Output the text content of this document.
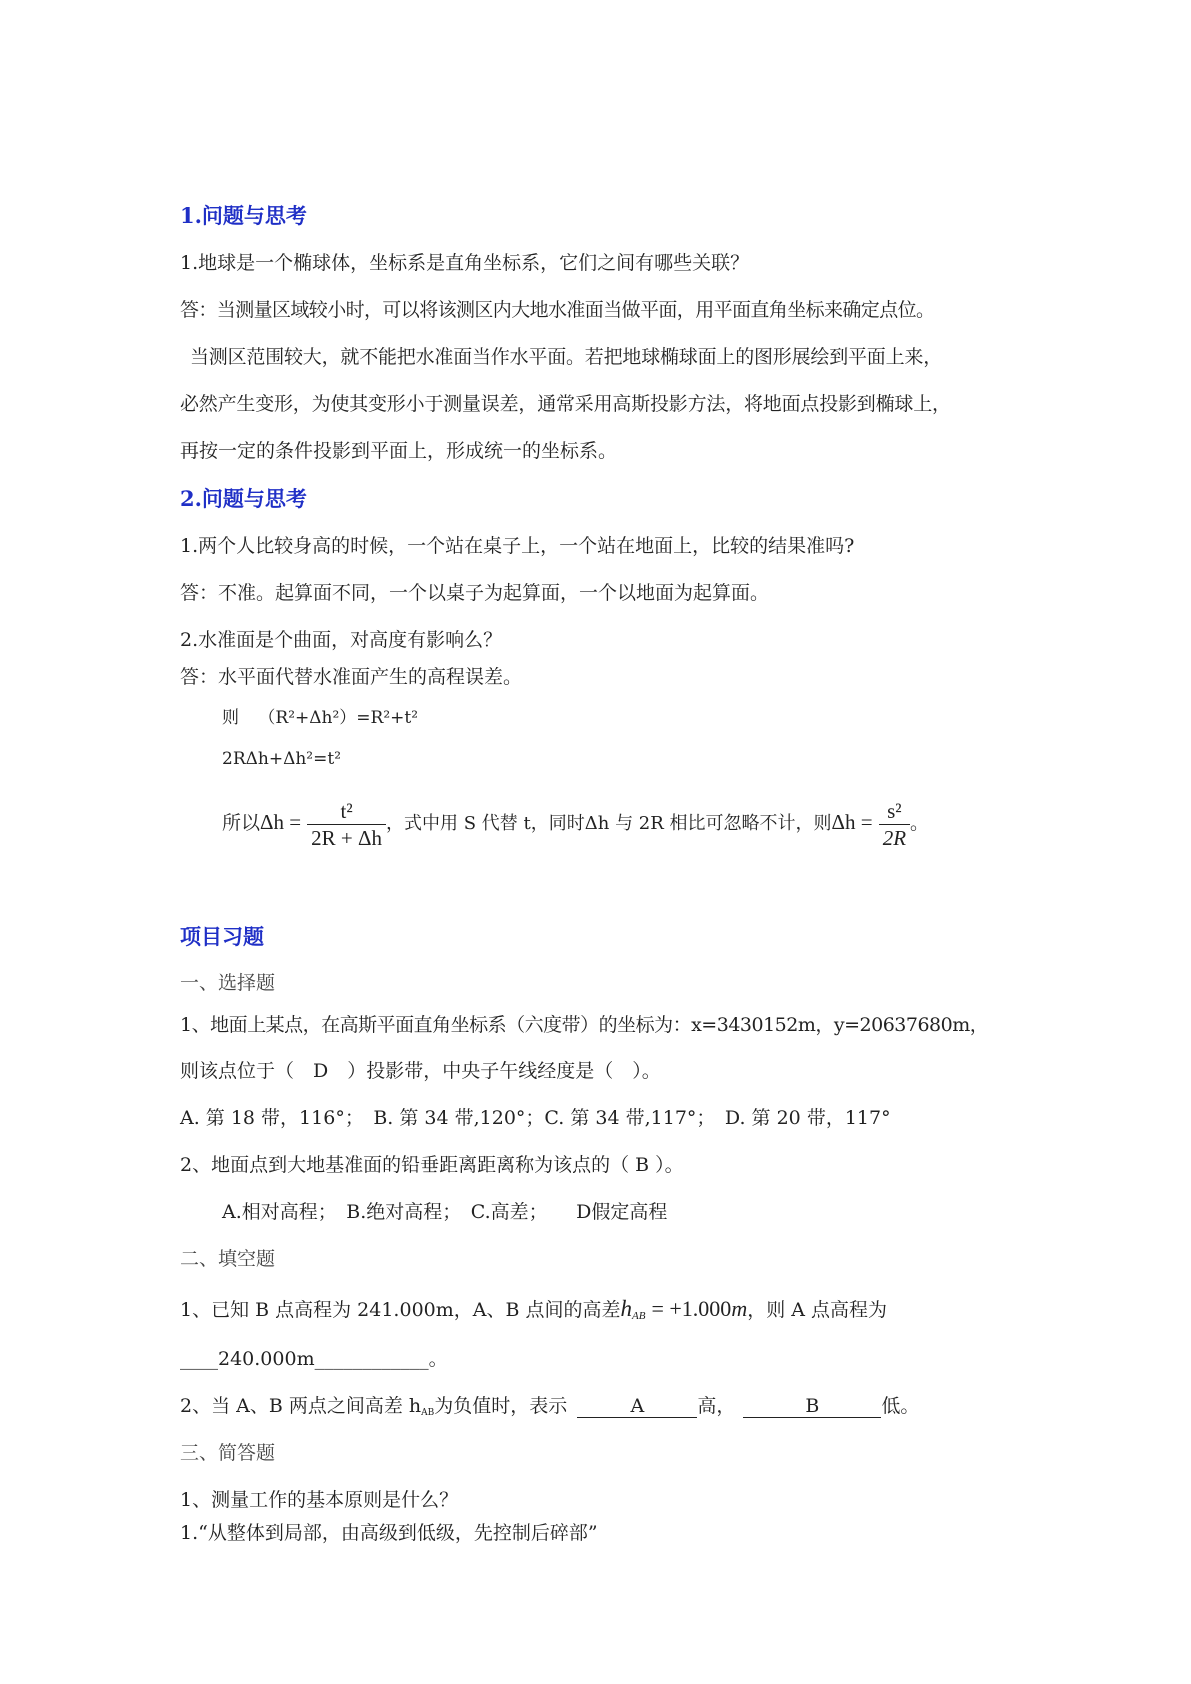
1.问题与思考
1.地球是一个椭球体，坐标系是直角坐标系，它们之间有哪些关联？
答：当测量区域较小时，可以将该测区内大地水准面当做平面，用平面直角坐标来确定点位。
当测区范围较大，就不能把水准面当作水平面。若把地球椭球面上的图形展绘到平面上来，
必然产生变形，为使其变形小于测量误差，通常采用高斯投影方法，将地面点投影到椭球上，
再按一定的条件投影到平面上，形成统一的坐标系。
2.问题与思考
1.两个人比较身高的时候，一个站在桌子上，一个站在地面上，比较的结果准吗?
答：不准。起算面不同，一个以桌子为起算面，一个以地面为起算面。
2.水准面是个曲面，对高度有影响么？
答：水平面代替水准面产生的高程误差。
则 （R²+Δh²）=R²+t²
2RΔh+Δh²=t²
所以$\Delta h = \frac{\text{t²}}{2R + \Delta h}$ ，式中用 S 代替 t，同时Δh 与 2R 相比可忽略不计，则$\Delta h = \frac{\text{s²}}{2R}$ 。
项目习题
一、选择题
1、地面上某点，在高斯平面直角坐标系（六度带）的坐标为：x=3430152m，y=20637680m，
则该点位于（　D　）投影带，中央子午线经度是（　）。
A. 第 18 带，116°；　B. 第 34 带,120°；C. 第 34 带,117°；　D. 第 20 带，117°
2、地面点到大地基准面的铅垂距离距离称为该点的（ B ）。
A.相对高程；　B.绝对高程；　C.高差；　　D假定高程
二、填空题
1、已知 B 点高程为 241.000m，A、B 点间的高差$h_{AB} = +1.000m$，则 A 点高程为
____240.000m____________。
2、当 A、B 两点之间高差 $h_{AB}$为负值时，表示	A	高，	B	低。
三、简答题
1、测量工作的基本原则是什么？
1.“从整体到局部，由高级到低级，先控制后碎部”
